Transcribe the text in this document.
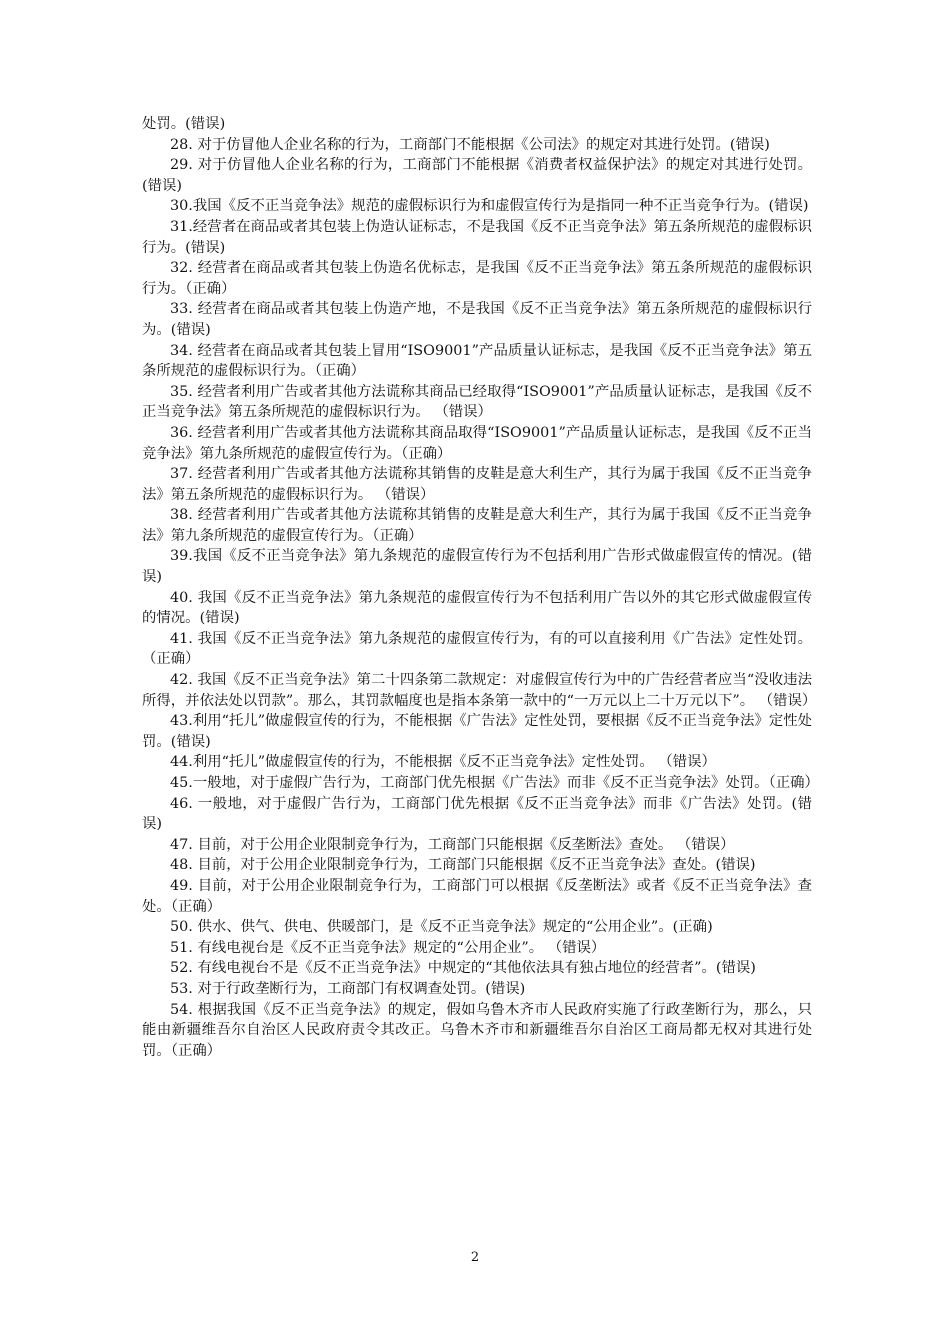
处罚。(错误)

28. 对于仿冒他人企业名称的行为，工商部门不能根据《公司法》的规定对其进行处罚。(错误)

29. 对于仿冒他人企业名称的行为，工商部门不能根据《消费者权益保护法》的规定对其进行处罚。(错误)

30.我国《反不正当竞争法》规范的虚假标识行为和虚假宣传行为是指同一种不正当竞争行为。(错误)

31.经营者在商品或者其包装上伪造认证标志，不是我国《反不正当竞争法》第五条所规范的虚假标识行为。(错误)

32. 经营者在商品或者其包装上伪造名优标志，是我国《反不正当竞争法》第五条所规范的虚假标识行为。（正确）

33. 经营者在商品或者其包装上伪造产地，不是我国《反不正当竞争法》第五条所规范的虚假标识行为。(错误)

34. 经营者在商品或者其包装上冒用“ISO9001”产品质量认证标志，是我国《反不正当竞争法》第五条所规范的虚假标识行为。（正确）

35. 经营者利用广告或者其他方法谎称其商品已经取得“ISO9001”产品质量认证标志，是我国《反不正当竞争法》第五条所规范的虚假标识行为。 （错误）

36. 经营者利用广告或者其他方法谎称其商品取得“ISO9001”产品质量认证标志，是我国《反不正当竞争法》第九条所规范的虚假宣传行为。（正确）

37. 经营者利用广告或者其他方法谎称其销售的皮鞋是意大利生产，其行为属于我国《反不正当竞争法》第五条所规范的虚假标识行为。 （错误）

38. 经营者利用广告或者其他方法谎称其销售的皮鞋是意大利生产，其行为属于我国《反不正当竞争法》第九条所规范的虚假宣传行为。（正确）

39.我国《反不正当竞争法》第九条规范的虚假宣传行为不包括利用广告形式做虚假宣传的情况。(错误)

40. 我国《反不正当竞争法》第九条规范的虚假宣传行为不包括利用广告以外的其它形式做虚假宣传的情况。(错误)

41. 我国《反不正当竞争法》第九条规范的虚假宣传行为，有的可以直接利用《广告法》定性处罚。 （正确）

42. 我国《反不正当竞争法》第二十四条第二款规定：对虚假宣传行为中的广告经营者应当“没收违法所得，并依法处以罚款”。那么，其罚款幅度也是指本条第一款中的“一万元以上二十万元以下”。 （错误）

43.利用“托儿”做虚假宣传的行为，不能根据《广告法》定性处罚，要根据《反不正当竞争法》定性处罚。(错误)

44.利用“托儿”做虚假宣传的行为，不能根据《反不正当竞争法》定性处罚。 （错误）

45.一般地，对于虚假广告行为，工商部门优先根据《广告法》而非《反不正当竞争法》处罚。（正确）

46. 一般地，对于虚假广告行为，工商部门优先根据《反不正当竞争法》而非《广告法》处罚。(错误)

47. 目前，对于公用企业限制竞争行为，工商部门只能根据《反垄断法》查处。 （错误）

48. 目前，对于公用企业限制竞争行为，工商部门只能根据《反不正当竞争法》查处。(错误)

49. 目前，对于公用企业限制竞争行为，工商部门可以根据《反垄断法》或者《反不正当竞争法》查处。（正确）

50. 供水、供气、供电、供暖部门，是《反不正当竞争法》规定的“公用企业”。(正确)

51. 有线电视台是《反不正当竞争法》规定的“公用企业”。 （错误）

52. 有线电视台不是《反不正当竞争法》中规定的“其他依法具有独占地位的经营者”。(错误)

53. 对于行政垄断行为，工商部门有权调查处罚。(错误)

54. 根据我国《反不正当竞争法》的规定，假如乌鲁木齐市人民政府实施了行政垄断行为，那么，只能由新疆维吾尔自治区人民政府责令其改正。乌鲁木齐市和新疆维吾尔自治区工商局都无权对其进行处罚。（正确）

2
